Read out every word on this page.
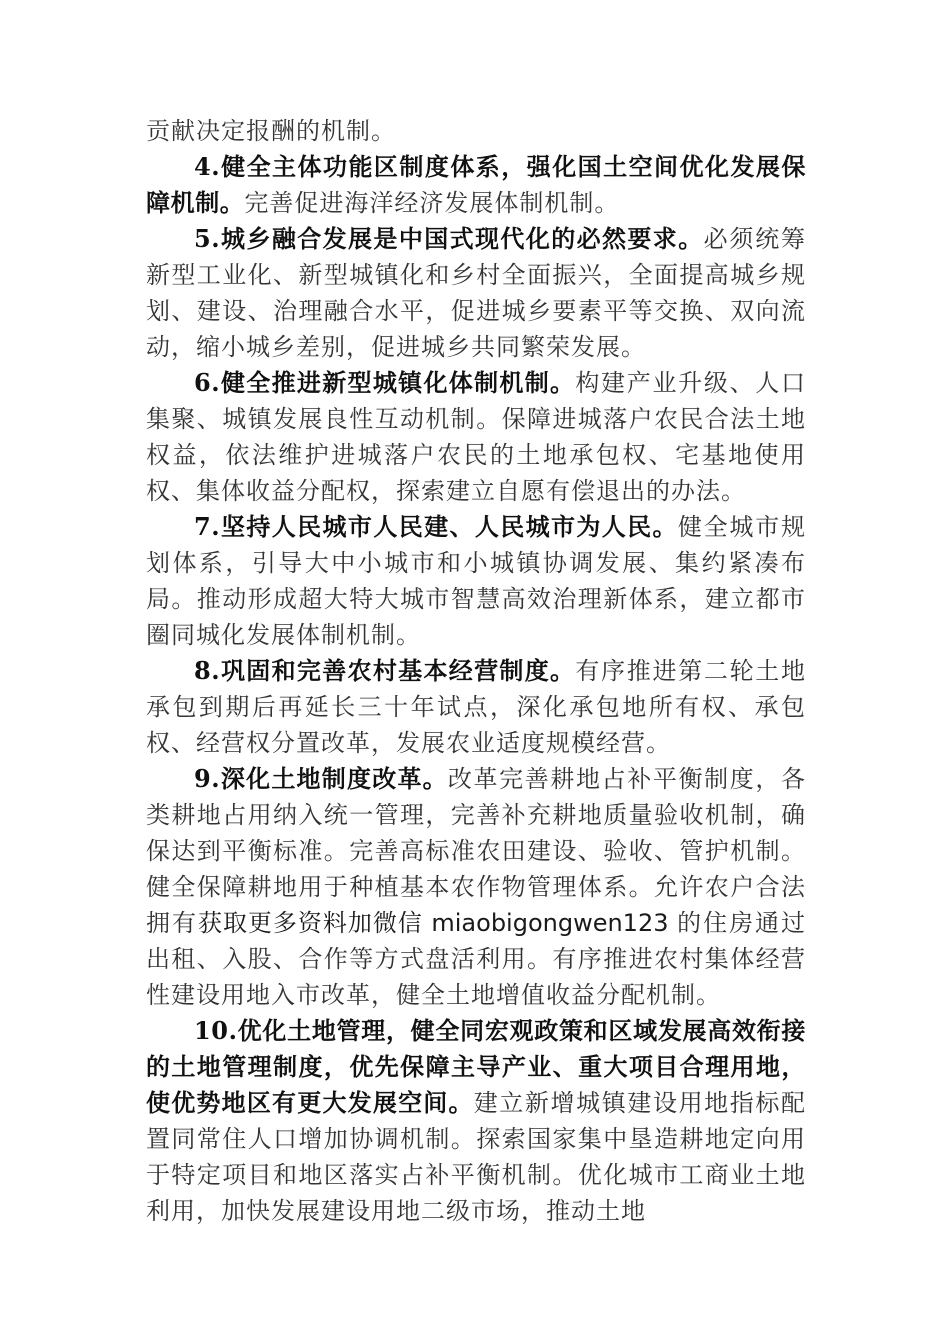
贡献决定报酬的机制。

4.健全主体功能区制度体系，强化国土空间优化发展保障机制。完善促进海洋经济发展体制机制。

5.城乡融合发展是中国式现代化的必然要求。必须统筹新型工业化、新型城镇化和乡村全面振兴，全面提高城乡规划、建设、治理融合水平，促进城乡要素平等交换、双向流动，缩小城乡差别，促进城乡共同繁荣发展。

6.健全推进新型城镇化体制机制。构建产业升级、人口集聚、城镇发展良性互动机制。保障进城落户农民合法土地权益，依法维护进城落户农民的土地承包权、宅基地使用权、集体收益分配权，探索建立自愿有偿退出的办法。

7.坚持人民城市人民建、人民城市为人民。健全城市规划体系，引导大中小城市和小城镇协调发展、集约紧凑布局。推动形成超大特大城市智慧高效治理新体系，建立都市圈同城化发展体制机制。

8.巩固和完善农村基本经营制度。有序推进第二轮土地承包到期后再延长三十年试点，深化承包地所有权、承包权、经营权分置改革，发展农业适度规模经营。

9.深化土地制度改革。改革完善耕地占补平衡制度，各类耕地占用纳入统一管理，完善补充耕地质量验收机制，确保达到平衡标准。完善高标准农田建设、验收、管护机制。健全保障耕地用于种植基本农作物管理体系。允许农户合法拥有获取更多资料加微信 miaobigongwen123 的住房通过出租、入股、合作等方式盘活利用。有序推进农村集体经营性建设用地入市改革，健全土地增值收益分配机制。

10.优化土地管理，健全同宏观政策和区域发展高效衔接的土地管理制度，优先保障主导产业、重大项目合理用地，使优势地区有更大发展空间。建立新增城镇建设用地指标配置同常住人口增加协调机制。探索国家集中垦造耕地定向用于特定项目和地区落实占补平衡机制。优化城市工商业土地利用，加快发展建设用地二级市场，推动土地
